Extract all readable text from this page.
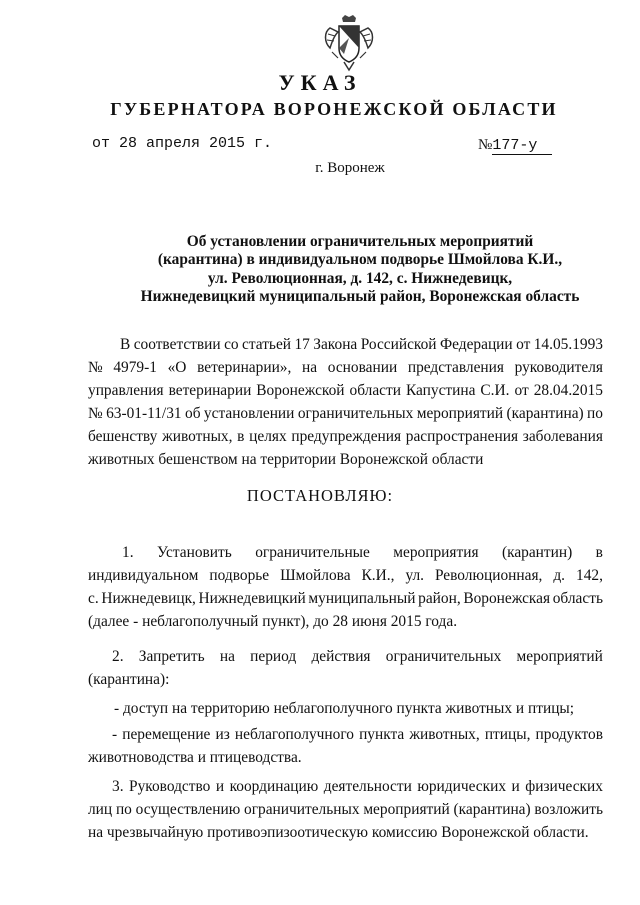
УКАЗ
ГУБЕРНАТОРА ВОРОНЕЖСКОЙ ОБЛАСТИ
от 28 апреля 2015 г.	№177-у
г. Воронеж
Об установлении ограничительных мероприятий
(карантина) в индивидуальном подворье Шмойлова К.И.,
ул. Революционная, д. 142, с. Нижнедевицк,
Нижнедевицкий муниципальный район, Воронежская область
В соответствии со статьей 17 Закона Российской Федерации от 14.05.1993
№ 4979-1 «О ветеринарии», на основании представления руководителя
управления ветеринарии Воронежской области Капустина С.И. от 28.04.2015
№ 63-01-11/31 об установлении ограничительных мероприятий (карантина) по
бешенству животных, в целях предупреждения распространения заболевания
животных бешенством на территории Воронежской области
ПОСТАНОВЛЯЮ:
1. Установить ограничительные мероприятия (карантин) в
индивидуальном подворье Шмойлова К.И., ул. Революционная, д. 142,
с. Нижнедевицк, Нижнедевицкий муниципальный район, Воронежская область
(далее - неблагополучный пункт), до 28 июня 2015 года.
2. Запретить на период действия ограничительных мероприятий
(карантина):
- доступ на территорию неблагополучного пункта животных и птицы;
- перемещение из неблагополучного пункта животных, птицы, продуктов
животноводства и птицеводства.
3. Руководство и координацию деятельности юридических и физических
лиц по осуществлению ограничительных мероприятий (карантина) возложить
на чрезвычайную противоэпизоотическую комиссию Воронежской области.
